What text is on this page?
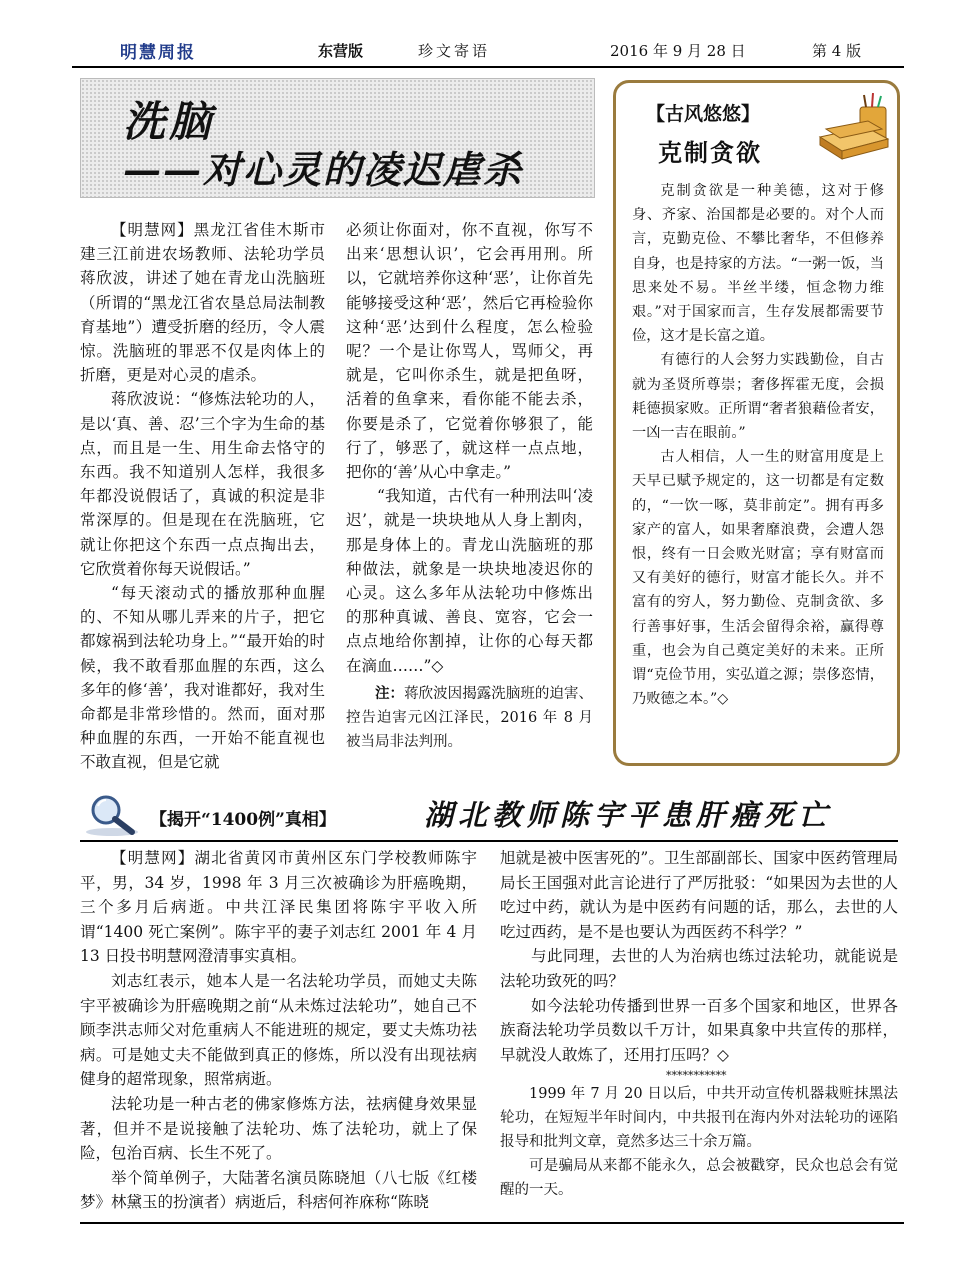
明慧周报	东营版	珍文寄语	2016 年 9 月 28 日	第 4 版
洗脑
——对心灵的凌迟虐杀

【明慧网】黑龙江省佳木斯市建三江前进农场教师、法轮功学员蒋欣波，讲述了她在青龙山洗脑班（所谓的“黑龙江省农垦总局法制教育基地”）遭受折磨的经历，令人震惊。洗脑班的罪恶不仅是肉体上的折磨，更是对心灵的虐杀。

蒋欣波说：“修炼法轮功的人，是以‘真、善、忍’三个字为生命的基点，而且是一生、用生命去恪守的东西。我不知道别人怎样，我很多年都没说假话了，真诚的积淀是非常深厚的。但是现在在洗脑班，它就让你把这个东西一点点掏出去，它欣赏着你每天说假话。”

“每天滚动式的播放那种血腥的、不知从哪儿弄来的片子，把它都嫁祸到法轮功身上。”“最开始的时候，我不敢看那血腥的东西，这么多年的修‘善’，我对谁都好，我对生命都是非常珍惜的。然而，面对那种血腥的东西，一开始不能直视也不敢直视，但是它就

必须让你面对，你不直视，你写不出来‘思想认识’，它会再用刑。所以，它就培养你这种‘恶’，让你首先能够接受这种‘恶’，然后它再检验你这种‘恶’达到什么程度，怎么检验呢？一个是让你骂人，骂师父，再就是，它叫你杀生，就是把鱼呀，活着的鱼拿来，看你能不能去杀，你要是杀了，它觉着你够狠了，能行了，够恶了，就这样一点点地，把你的‘善’从心中拿走。”

“我知道，古代有一种刑法叫‘凌迟’，就是一块块地从人身上割肉，那是身体上的。青龙山洗脑班的那种做法，就象是一块块地凌迟你的心灵。这么多年从法轮功中修炼出的那种真诚、善良、宽容，它会一点点地给你割掉，让你的心每天都在滴血……”◇

注：蒋欣波因揭露洗脑班的迫害、控告迫害元凶江泽民，2016 年 8 月被当局非法判刑。

【古风悠悠】
克制贪欲

克制贪欲是一种美德，这对于修身、齐家、治国都是必要的。对个人而言，克勤克俭、不攀比奢华，不但修养自身，也是持家的方法。“一粥一饭，当思来处不易。半丝半缕，恒念物力维艰。”对于国家而言，生存发展都需要节俭，这才是长富之道。

有德行的人会努力实践勤俭，自古就为圣贤所尊崇；奢侈挥霍无度，会损耗德损家败。正所谓“奢者狼藉俭者安，一凶一吉在眼前。”

古人相信，人一生的财富用度是上天早已赋予规定的，这一切都是有定数的，“一饮一啄，莫非前定”。拥有再多家产的富人，如果奢靡浪费，会遭人怨恨，终有一日会败光财富；享有财富而又有美好的德行，财富才能长久。并不富有的穷人，努力勤俭、克制贪欲、多行善事好事，生活会留得余裕，赢得尊重，也会为自己奠定美好的未来。正所谓“克俭节用，实弘道之源；崇侈恣情，乃败德之本。”◇

【揭开“1400例”真相】	湖北教师陈宇平患肝癌死亡

【明慧网】湖北省黄冈市黄州区东门学校教师陈宇平，男，34 岁，1998 年 3 月三次被确诊为肝癌晚期，三个多月后病逝。中共江泽民集团将陈宇平收入所谓“1400 死亡案例”。陈宇平的妻子刘志红 2001 年 4 月 13 日投书明慧网澄清事实真相。

刘志红表示，她本人是一名法轮功学员，而她丈夫陈宇平被确诊为肝癌晚期之前“从未炼过法轮功”，她自己不顾李洪志师父对危重病人不能进班的规定，要丈夫炼功祛病。可是她丈夫不能做到真正的修炼，所以没有出现祛病健身的超常现象，照常病逝。

法轮功是一种古老的佛家修炼方法，祛病健身效果显著，但并不是说接触了法轮功、炼了法轮功，就上了保险，包治百病、长生不死了。

举个简单例子，大陆著名演员陈晓旭（八七版《红楼梦》林黛玉的扮演者）病逝后，科痞何祚庥称“陈晓

旭就是被中医害死的”。卫生部副部长、国家中医药管理局局长王国强对此言论进行了严厉批驳：“如果因为去世的人吃过中药，就认为是中医药有问题的话，那么，去世的人吃过西药，是不是也要认为西医药不科学？”

与此同理，去世的人为治病也练过法轮功，就能说是法轮功致死的吗？

如今法轮功传播到世界一百多个国家和地区，世界各族裔法轮功学员数以千万计，如果真象中共宣传的那样，早就没人敢炼了，还用打压吗？◇

***********

1999 年 7 月 20 日以后，中共开动宣传机器栽赃抹黑法轮功，在短短半年时间内，中共报刊在海内外对法轮功的诬陷报导和批判文章，竟然多达三十余万篇。

可是骗局从来都不能永久，总会被戳穿，民众也总会有觉醒的一天。
